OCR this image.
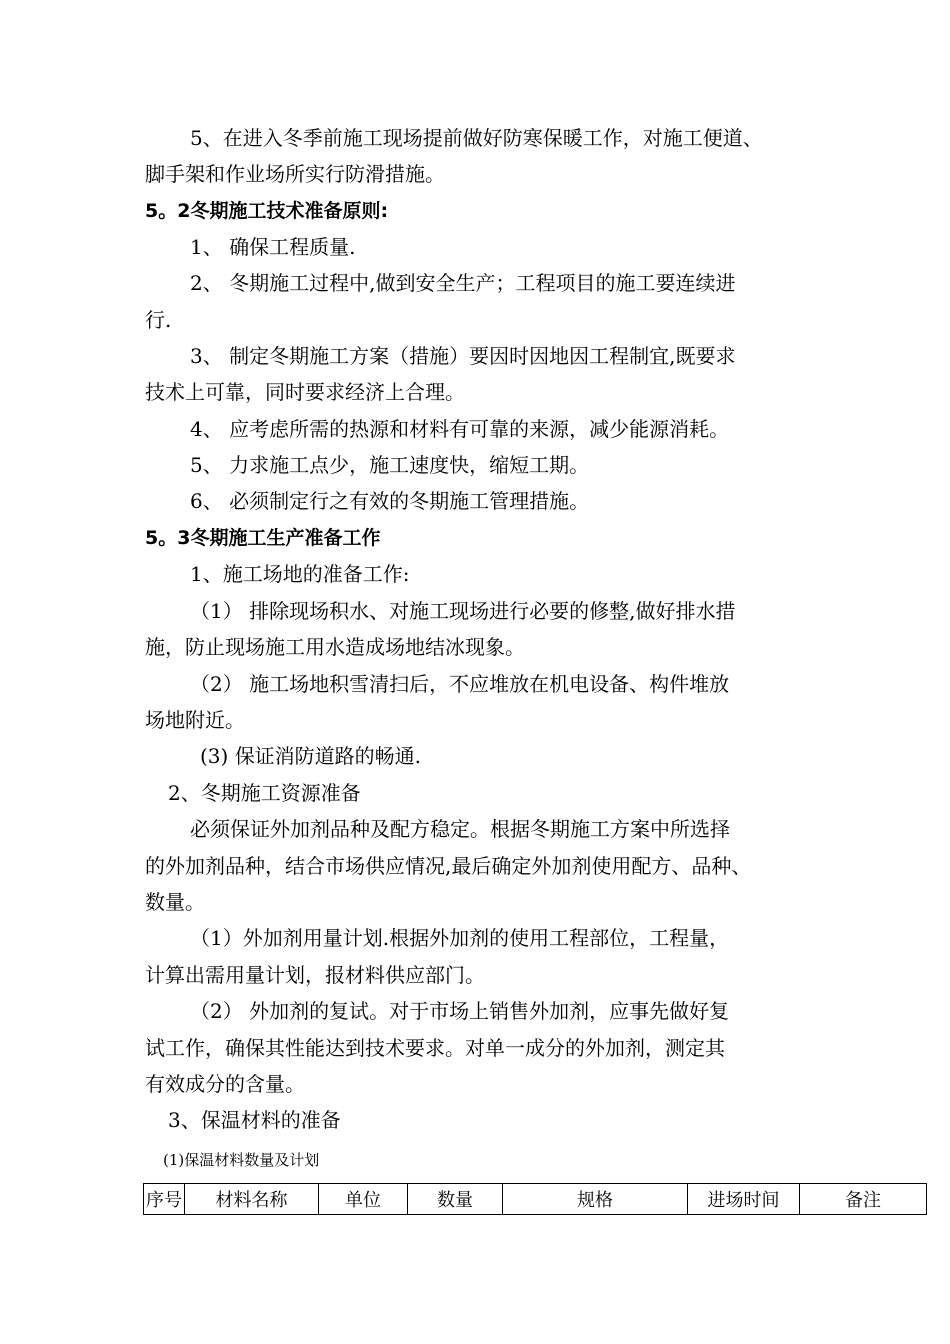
5、在进入冬季前施工现场提前做好防寒保暖工作，对施工便道、
脚手架和作业场所实行防滑措施。
5。2冬期施工技术准备原则:
1、 确保工程质量.
2、 冬期施工过程中,做到安全生产；工程项目的施工要连续进
行.
3、 制定冬期施工方案（措施）要因时因地因工程制宜,既要求
技术上可靠，同时要求经济上合理。
4、 应考虑所需的热源和材料有可靠的来源，减少能源消耗。
5、 力求施工点少，施工速度快，缩短工期。
6、 必须制定行之有效的冬期施工管理措施。
5。3冬期施工生产准备工作
1、施工场地的准备工作:
（1） 排除现场积水、对施工现场进行必要的修整,做好排水措
施，防止现场施工用水造成场地结冰现象。
（2） 施工场地积雪清扫后，不应堆放在机电设备、构件堆放
场地附近。
(3) 保证消防道路的畅通.
2、冬期施工资源准备
必须保证外加剂品种及配方稳定。根据冬期施工方案中所选择
的外加剂品种，结合市场供应情况,最后确定外加剂使用配方、品种、
数量。
（1）外加剂用量计划.根据外加剂的使用工程部位，工程量，
计算出需用量计划，报材料供应部门。
（2） 外加剂的复试。对于市场上销售外加剂，应事先做好复
试工作，确保其性能达到技术要求。对单一成分的外加剂，测定其
有效成分的含量。
3、保温材料的准备
(1)保温材料数量及计划
序号	材料名称	单位	数量	规格	进场时间	备注
